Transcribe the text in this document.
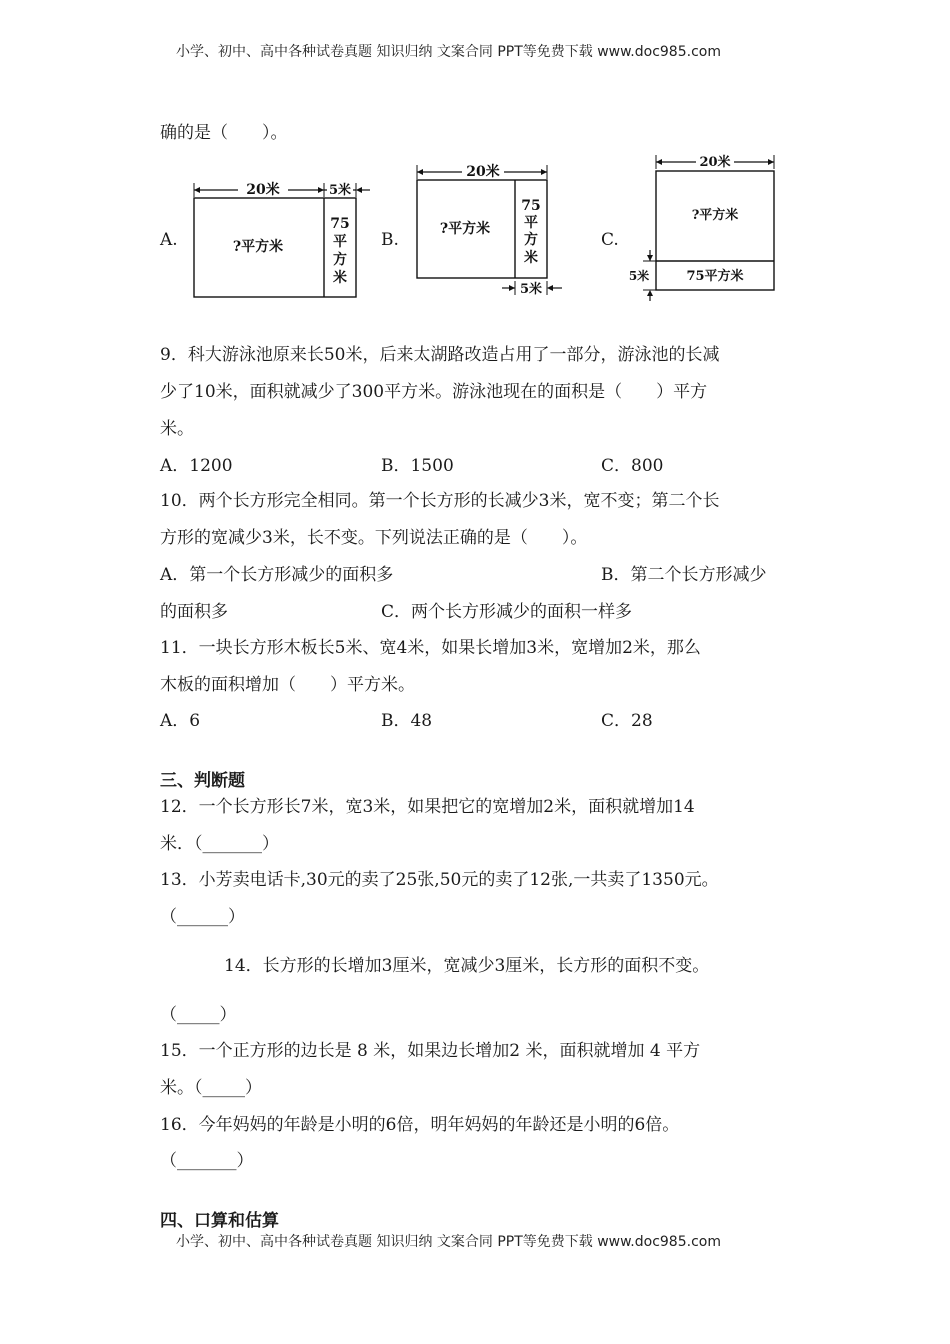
小学、初中、高中各种试卷真题 知识归纳 文案合同 PPT等免费下载 www.doc985.com
确的是（　　）。
A.	B.	C.
20米	5米
?平方米
75
平
方
米
20米
?平方米
75
平
方
米
5米
20米
?平方米
75平方米
5米
9．科大游泳池原来长50米，后来太湖路改造占用了一部分，游泳池的长减
少了10米，面积就减少了300平方米。游泳池现在的面积是（　　）平方
米。
A．1200	B．1500	C．800
10．两个长方形完全相同。第一个长方形的长减少3米，宽不变；第二个长
方形的宽减少3米，长不变。下列说法正确的是（　　）。
A．第一个长方形减少的面积多	B．第二个长方形减少
的面积多	C．两个长方形减少的面积一样多
11．一块长方形木板长5米、宽4米，如果长增加3米，宽增加2米，那么
木板的面积增加（　　）平方米。
A．6	B．48	C．28
三、判断题
12．一个长方形长7米，宽3米，如果把它的宽增加2米，面积就增加14
米．（_______）
13．小芳卖电话卡,30元的卖了25张,50元的卖了12张,一共卖了1350元。
（______）
14．长方形的长增加3厘米，宽减少3厘米，长方形的面积不变。
（_____）
15．一个正方形的边长是 8 米，如果边长增加2 米，面积就增加 4 平方
米。（_____）
16．今年妈妈的年龄是小明的6倍，明年妈妈的年龄还是小明的6倍。
（_______）
四、口算和估算
小学、初中、高中各种试卷真题 知识归纳 文案合同 PPT等免费下载 www.doc985.com
